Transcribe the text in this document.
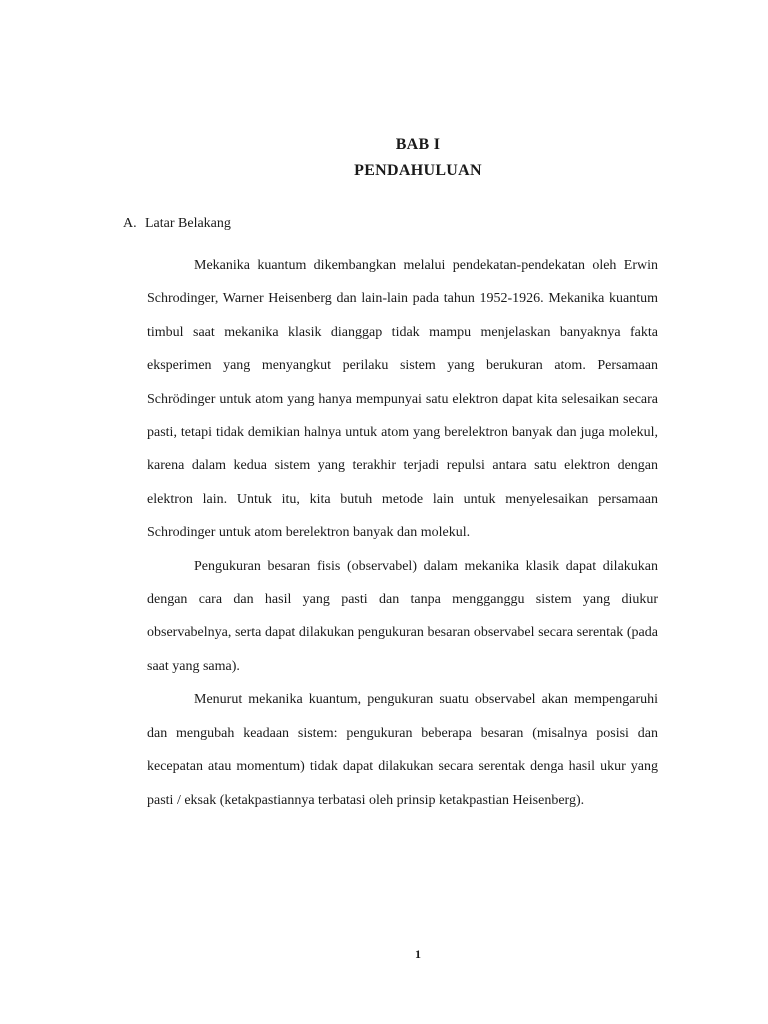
BAB I
PENDAHULUAN
A. Latar Belakang

Mekanika kuantum dikembangkan melalui pendekatan-pendekatan oleh Erwin Schrodinger, Warner Heisenberg dan lain-lain pada tahun 1952-1926. Mekanika kuantum timbul saat mekanika klasik dianggap tidak mampu menjelaskan banyaknya fakta eksperimen yang menyangkut perilaku sistem yang berukuran atom. Persamaan Schrödinger untuk atom yang hanya mempunyai satu elektron dapat kita selesaikan secara pasti, tetapi tidak demikian halnya untuk atom yang berelektron banyak dan juga molekul, karena dalam kedua sistem yang terakhir terjadi repulsi antara satu elektron dengan elektron lain. Untuk itu, kita butuh metode lain untuk menyelesaikan persamaan Schrodinger untuk atom berelektron banyak dan molekul.

Pengukuran besaran fisis (observabel) dalam mekanika klasik dapat dilakukan dengan cara dan hasil yang pasti dan tanpa mengganggu sistem yang diukur observabelnya, serta dapat dilakukan pengukuran besaran observabel secara serentak (pada saat yang sama).

Menurut mekanika kuantum, pengukuran suatu observabel akan mempengaruhi dan mengubah keadaan sistem: pengukuran beberapa besaran (misalnya posisi dan kecepatan atau momentum) tidak dapat dilakukan secara serentak denga hasil ukur yang pasti / eksak (ketakpastiannya terbatasi oleh prinsip ketakpastian Heisenberg).

1
